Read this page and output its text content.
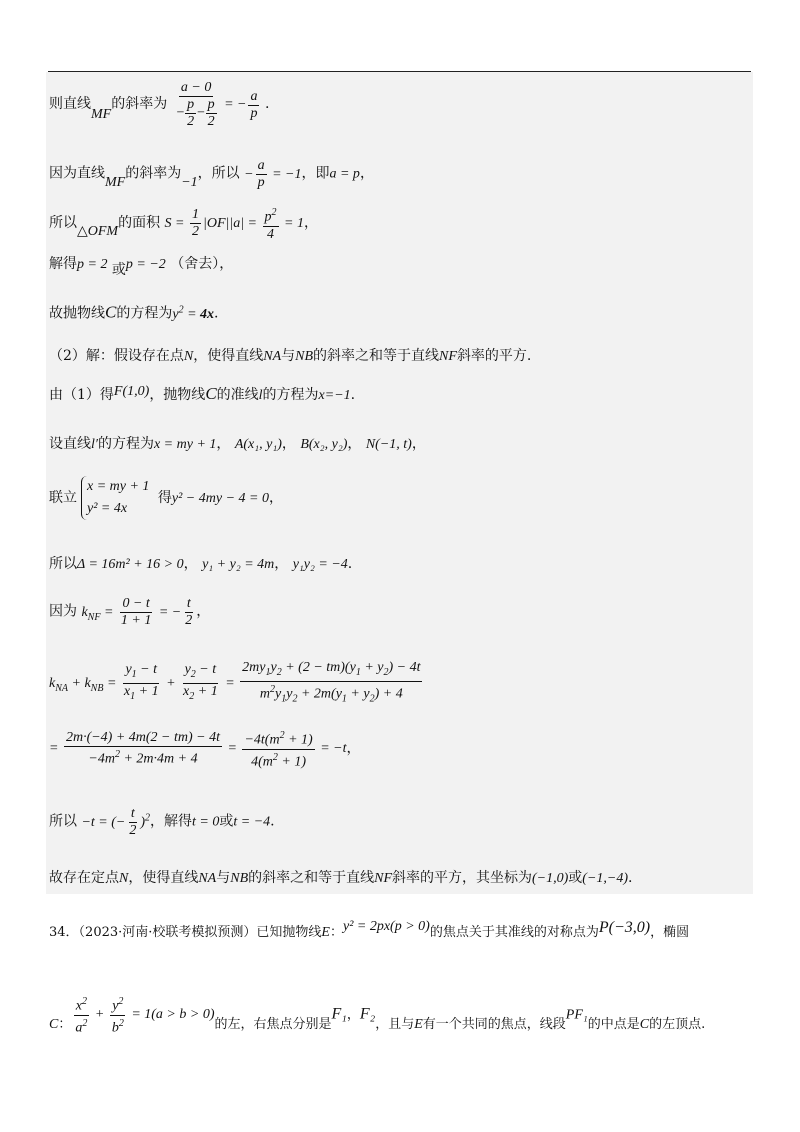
则直线MF的斜率为 $\frac{a - 0}{- \frac{p}{2} - \frac{p}{2}}$ = − $\frac{a}{p}$ .
因为直线MF的斜率为−1，所以 − $\frac{a}{p} = -1$，即a = p，
所以△OFM的面积 $S = \frac{1}{2} |OF||a| = \frac{p^2}{4} = 1$，
解得p = 2 或p = −2 （舍去），
故抛物线C的方程为$y^2 = 4x$.
（2）解：假设存在点N，使得直线NA与NB的斜率之和等于直线NF斜率的平方.
由（1）得F(1,0)，抛物线C的准线l的方程为x=−1.
设直线l′的方程为x = my + 1， A(x₁, y₁)， B(x₂, y₂)， N(−1, t)，
联立
x = my + 1
y² = 4x
得y² − 4my − 4 = 0，
所以Δ = 16m² + 16 > 0， y₁ + y₂ = 4m， y₁y₂ = −4.
因为 $k_{NF} = \frac{0 - t}{1 + 1}$ = − $\frac{t}{2}$ ，
$k_{NA} + k_{NB} = \frac{y_1 - t}{x_1 + 1} + \frac{y_2 - t}{x_2 + 1} = \frac{2my_1y_2 + (2 - tm)(y_1 + y_2) - 4t}{m^2y_1y_2 + 2m(y_1 + y_2) + 4}$
= $\frac{2m\cdot(-4) + 4m(2 - tm) - 4t}{-4m^2 + 2m\cdot 4m + 4} = \frac{-4t(m^2 + 1)}{4(m^2 + 1)} = -t$，
所以 −t = (− $\frac{t}{2} )^2$，解得t = 0或t = −4.
故存在定点N，使得直线NA与NB的斜率之和等于直线NF斜率的平方，其坐标为(−1,0)或(−1,−4).
34．（2023·河南·校联考模拟预测）已知抛物线E：y² = 2px(p > 0)的焦点关于其准线的对称点为P(−3,0)，椭圆
C： $\frac{x^2}{a^2} + \frac{y^2}{b^2} = 1(a > b > 0)$的左，右焦点分别是F₁，F₂，且与E有一个共同的焦点，线段PF₁的中点是C的左顶点.
